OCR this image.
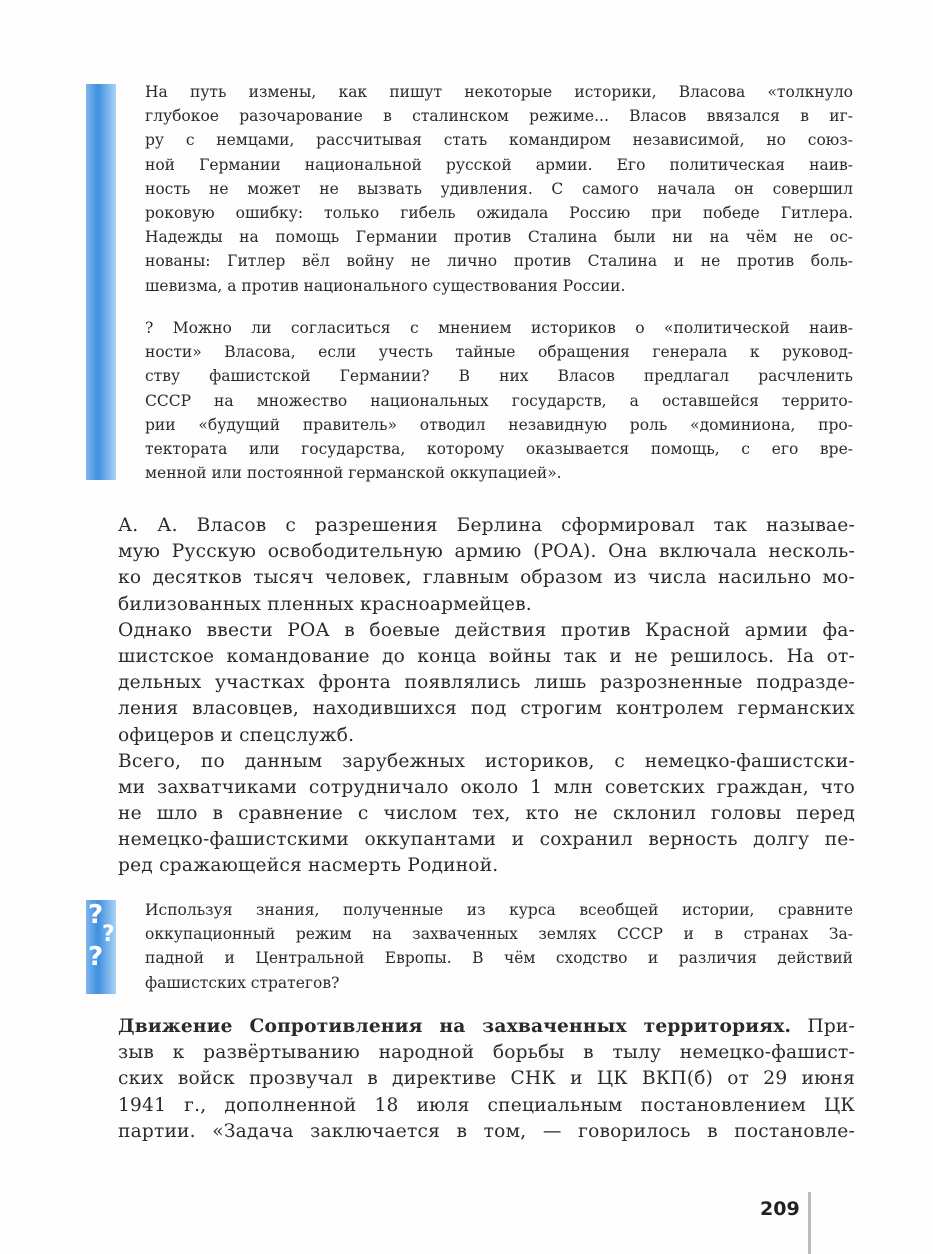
На путь измены, как пишут некоторые историки, Власова «толкнуло
глубокое разочарование в сталинском режиме... Власов ввязался в иг-
ру с немцами, рассчитывая стать командиром независимой, но союз-
ной Германии национальной русской армии. Его политическая наив-
ность не может не вызвать удивления. С самого начала он совершил
роковую ошибку: только гибель ожидала Россию при победе Гитлера.
Надежды на помощь Германии против Сталина были ни на чём не ос-
нованы: Гитлер вёл войну не лично против Сталина и не против боль-
шевизма, а против национального существования России.
? Можно ли согласиться с мнением историков о «политической наив-
ности» Власова, если учесть тайные обращения генерала к руковод-
ству фашистской Германии? В них Власов предлагал расчленить
СССР на множество национальных государств, а оставшейся террито-
рии «будущий правитель» отводил незавидную роль «доминиона, про-
тектората или государства, которому оказывается помощь, с его вре-
менной или постоянной германской оккупацией».
А. А. Власов с разрешения Берлина сформировал так называе-
мую Русскую освободительную армию (РОА). Она включала несколь-
ко десятков тысяч человек, главным образом из числа насильно мо-
билизованных пленных красноармейцев.
Однако ввести РОА в боевые действия против Красной армии фа-
шистское командование до конца войны так и не решилось. На от-
дельных участках фронта появлялись лишь разрозненные подразде-
ления власовцев, находившихся под строгим контролем германских
офицеров и спецслужб.
Всего, по данным зарубежных историков, с немецко-фашистски-
ми захватчиками сотрудничало около 1 млн советских граждан, что
не шло в сравнение с числом тех, кто не склонил головы перед
немецко-фашистскими оккупантами и сохранил верность долгу пе-
ред сражающейся насмерть Родиной.
?
?
?
Используя знания, полученные из курса всеобщей истории, сравните
оккупационный режим на захваченных землях СССР и в странах За-
падной и Центральной Европы. В чём сходство и различия действий
фашистских стратегов?
Движение Сопротивления на захваченных территориях. При-
зыв к развёртыванию народной борьбы в тылу немецко-фашист-
ских войск прозвучал в директиве СНК и ЦК ВКП(б) от 29 июня
1941 г., дополненной 18 июля специальным постановлением ЦК
партии. «Задача заключается в том, — говорилось в постановле-
209
